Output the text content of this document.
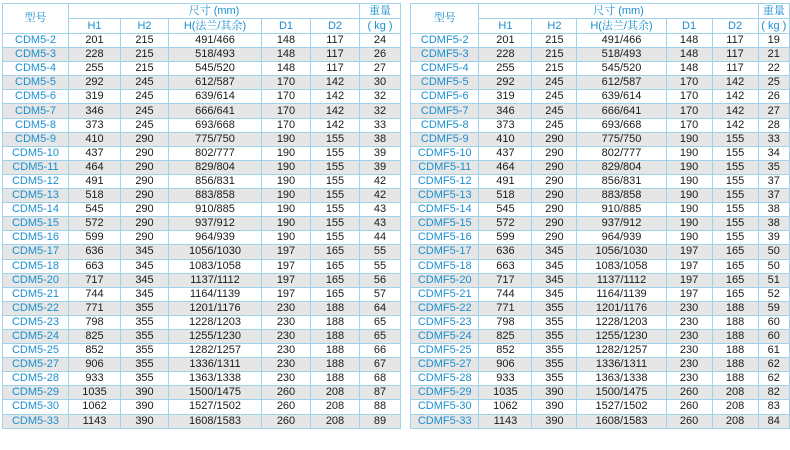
型号	尺寸 (mm)					重量
	H1	H2	H(法兰/其余)	D1	D2	( kg )
CDM5-2	201	215	491/466	148	117	24
CDM5-3	228	215	518/493	148	117	26
CDM5-4	255	215	545/520	148	117	27
CDM5-5	292	245	612/587	170	142	30
CDM5-6	319	245	639/614	170	142	32
CDM5-7	346	245	666/641	170	142	32
CDM5-8	373	245	693/668	170	142	33
CDM5-9	410	290	775/750	190	155	38
CDM5-10	437	290	802/777	190	155	39
CDM5-11	464	290	829/804	190	155	39
CDM5-12	491	290	856/831	190	155	42
CDM5-13	518	290	883/858	190	155	42
CDM5-14	545	290	910/885	190	155	43
CDM5-15	572	290	937/912	190	155	43
CDM5-16	599	290	964/939	190	155	44
CDM5-17	636	345	1056/1030	197	165	55
CDM5-18	663	345	1083/1058	197	165	55
CDM5-20	717	345	1137/1112	197	165	56
CDM5-21	744	345	1164/1139	197	165	57
CDM5-22	771	355	1201/1176	230	188	64
CDM5-23	798	355	1228/1203	230	188	65
CDM5-24	825	355	1255/1230	230	188	65
CDM5-25	852	355	1282/1257	230	188	66
CDM5-27	906	355	1336/1311	230	188	67
CDM5-28	933	355	1363/1338	230	188	68
CDM5-29	1035	390	1500/1475	260	208	87
CDM5-30	1062	390	1527/1502	260	208	88
CDM5-33	1143	390	1608/1583	260	208	89
型号	尺寸 (mm)					重量
	H1	H2	H(法兰/其余)	D1	D2	( kg )
CDMF5-2	201	215	491/466	148	117	19
CDMF5-3	228	215	518/493	148	117	21
CDMF5-4	255	215	545/520	148	117	22
CDMF5-5	292	245	612/587	170	142	25
CDMF5-6	319	245	639/614	170	142	26
CDMF5-7	346	245	666/641	170	142	27
CDMF5-8	373	245	693/668	170	142	28
CDMF5-9	410	290	775/750	190	155	33
CDMF5-10	437	290	802/777	190	155	34
CDMF5-11	464	290	829/804	190	155	35
CDMF5-12	491	290	856/831	190	155	37
CDMF5-13	518	290	883/858	190	155	37
CDMF5-14	545	290	910/885	190	155	38
CDMF5-15	572	290	937/912	190	155	38
CDMF5-16	599	290	964/939	190	155	39
CDMF5-17	636	345	1056/1030	197	165	50
CDMF5-18	663	345	1083/1058	197	165	50
CDMF5-20	717	345	1137/1112	197	165	51
CDMF5-21	744	345	1164/1139	197	165	52
CDMF5-22	771	355	1201/1176	230	188	59
CDMF5-23	798	355	1228/1203	230	188	60
CDMF5-24	825	355	1255/1230	230	188	60
CDMF5-25	852	355	1282/1257	230	188	61
CDMF5-27	906	355	1336/1311	230	188	62
CDMF5-28	933	355	1363/1338	230	188	62
CDMF5-29	1035	390	1500/1475	260	208	82
CDMF5-30	1062	390	1527/1502	260	208	83
CDMF5-33	1143	390	1608/1583	260	208	84
